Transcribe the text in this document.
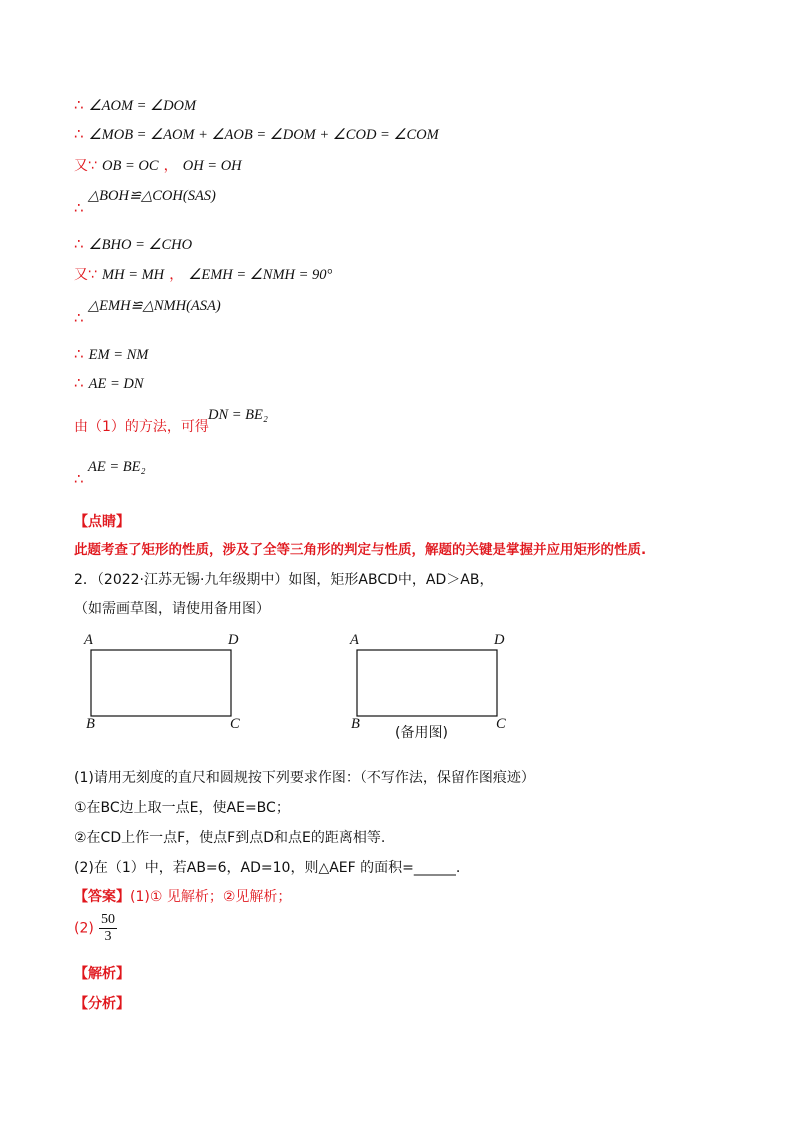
∴ ∠AOM = ∠DOM
∴ ∠MOB = ∠AOM + ∠AOB = ∠DOM + ∠COD = ∠COM
又∵ OB = OC ， OH = OH
△BOH≌△COH(SAS)
∴
∴ ∠BHO = ∠CHO
又∵ MH = MH ， ∠EMH = ∠NMH = 90°
△EMH≌△NMH(ASA)
∴
∴ EM = NM
∴ AE = DN
由（1）的方法，可得
DN = BE₂
AE = BE₂
∴
【点睛】
此题考查了矩形的性质，涉及了全等三角形的判定与性质，解题的关键是掌握并应用矩形的性质.
2．（2022·江苏无锡·九年级期中）如图，矩形ABCD中，AD＞AB，
（如需画草图，请使用备用图）
A	D
B	C
A	D
B	C
(备用图)
(1)请用无刻度的直尺和圆规按下列要求作图：（不写作法，保留作图痕迹）
①在BC边上取一点E，使AE=BC；
②在CD上作一点F，使点F到点D和点E的距离相等.
(2)在（1）中，若AB=6，AD=10，则△AEF 的面积=______.
【答案】(1)① 见解析；②见解析；
$(2) \frac{50}{3}$
【解析】
【分析】
